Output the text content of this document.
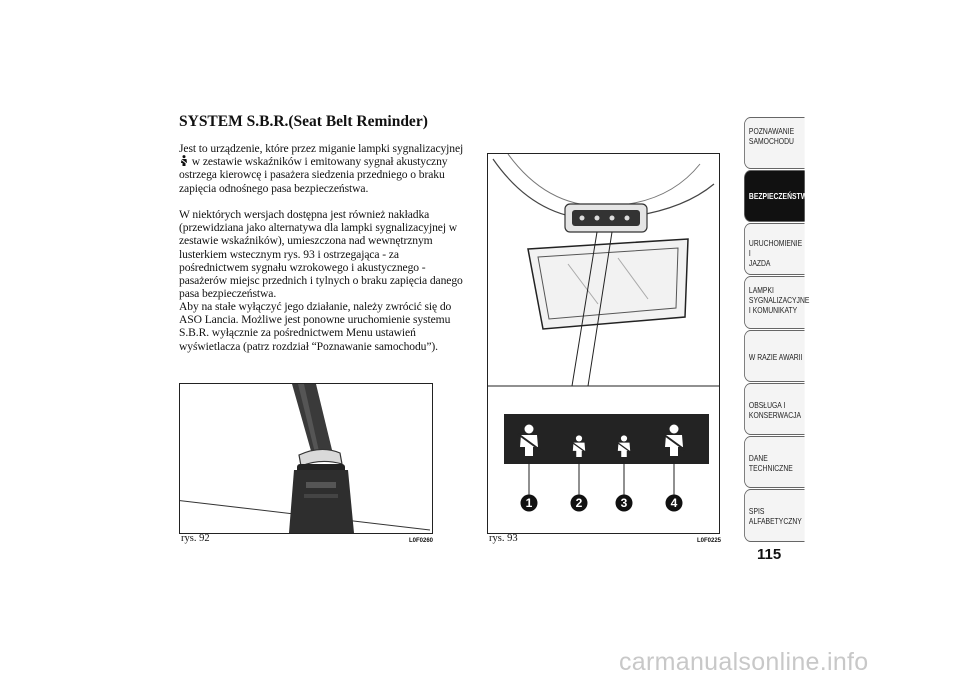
SYSTEM S.B.R.(Seat Belt Reminder)

Jest to urządzenie, które przez miganie lampki sygnalizacyjnej  w zestawie wskaźników i emitowany sygnał akustyczny ostrzega kierowcę i pasażera siedzenia przedniego o braku zapięcia odnośnego pasa bezpieczeństwa.

W niektórych wersjach dostępna jest również nakładka (przewidziana jako alternatywa dla lampki sygnalizacyjnej w zestawie wskaźników), umieszczona nad wewnętrznym lusterkiem wstecznym rys. 93 i ostrzegająca - za pośrednictwem sygnału wzrokowego i akustycznego - pasażerów miejsc przednich i tylnych o braku zapięcia danego pasa bezpieczeństwa.

Aby na stałe wyłączyć jego działanie, należy zwrócić się do ASO Lancia. Możliwe jest ponowne uruchomienie systemu S.B.R. wyłącznie za pośrednictwem Menu ustawień wyświetlacza (patrz rozdział “Poznawanie samochodu”).

rys. 92	L0F0260
1	2	3	4
rys. 93	L0F0225
POZNAWANIE
SAMOCHODU
BEZPIECZEŃSTWO
URUCHOMIENIE I
JAZDA
LAMPKI
SYGNALIZACYJNE
I KOMUNIKATY
W RAZIE AWARII
OBSŁUGA I
KONSERWACJA
DANE
TECHNICZNE
SPIS
ALFABETYCZNY
115
carmanualsonline.info
